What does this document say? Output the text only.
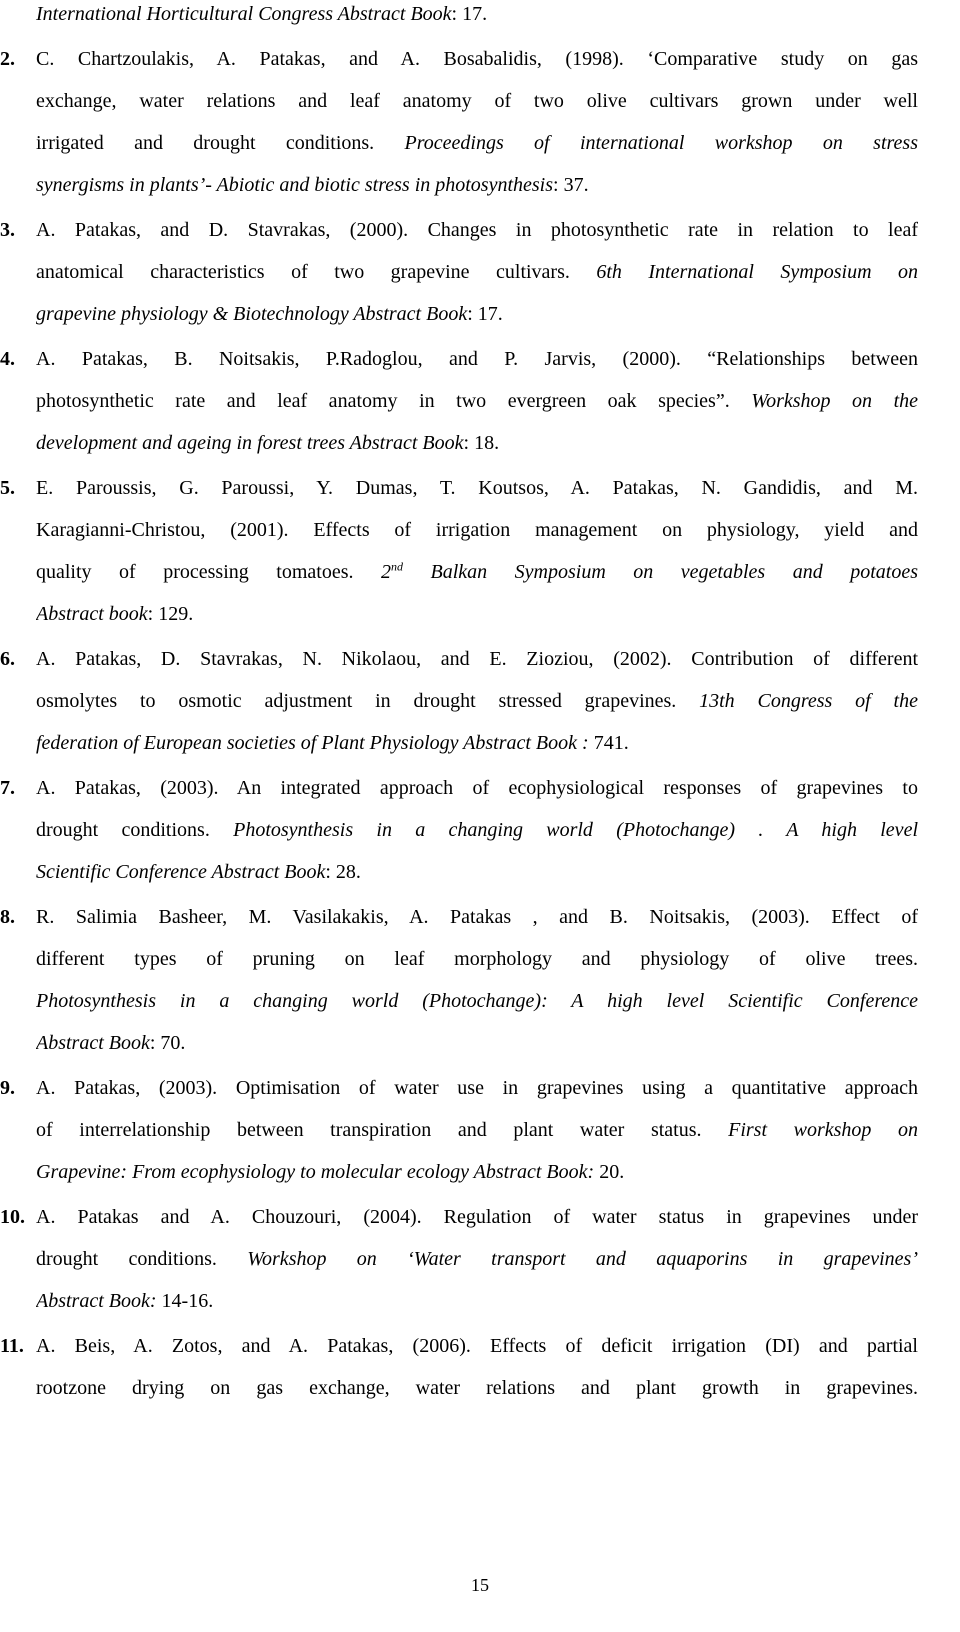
International Horticultural Congress Abstract Book: 17.
2.	C. Chartzoulakis, A. Patakas, and A. Bosabalidis, (1998). ‘Comparative study on gas
exchange, water relations and leaf anatomy of two olive cultivars grown under well
irrigated and drought conditions. Proceedings of international workshop on stress
synergisms in plants’- Abiotic and biotic stress in photosynthesis: 37.
3.	A. Patakas, and D. Stavrakas, (2000). Changes in photosynthetic rate in relation to leaf
anatomical characteristics of two grapevine cultivars. 6th International Symposium on
grapevine physiology & Biotechnology Abstract Book: 17.
4.	A. Patakas, B. Noitsakis, P.Radoglou, and P. Jarvis, (2000). “Relationships between
photosynthetic rate and leaf anatomy in two evergreen oak species”. Workshop on the
development and ageing in forest trees Abstract Book: 18.
5.	E. Paroussis, G. Paroussi, Y. Dumas, T. Koutsos, A. Patakas, N. Gandidis, and M.
Karagianni-Christou, (2001). Effects of irrigation management on physiology, yield and
quality of processing tomatoes. 2nd Balkan Symposium on vegetables and potatoes
Abstract book: 129.
6.	A. Patakas, D. Stavrakas, N. Nikolaou, and E. Zioziou, (2002). Contribution of different
osmolytes to osmotic adjustment in drought stressed grapevines. 13th Congress of the
federation of European societies of Plant Physiology Abstract Book : 741.
7.	A. Patakas, (2003). An integrated approach of ecophysiological responses of grapevines to
drought conditions. Photosynthesis in a changing world (Photochange) . A high level
Scientific Conference Abstract Book: 28.
8.	R. Salimia Basheer, M. Vasilakakis, A. Patakas , and B. Noitsakis, (2003). Effect of
different types of pruning on leaf morphology and physiology of olive trees.
Photosynthesis in a changing world (Photochange): A high level Scientific Conference
Abstract Book: 70.
9.	A. Patakas, (2003). Optimisation of water use in grapevines using a quantitative approach
of interrelationship between transpiration and plant water status. First workshop on
Grapevine: From ecophysiology to molecular ecology Abstract Book: 20.
10. A. Patakas and A. Chouzouri, (2004). Regulation of water status in grapevines under
drought conditions. Workshop on ‘Water transport and aquaporins in grapevines’
Abstract Book: 14-16.
11. A. Beis, A. Zotos, and A. Patakas, (2006). Effects of deficit irrigation (DI) and partial
rootzone drying on gas exchange, water relations and plant growth in grapevines.
15
